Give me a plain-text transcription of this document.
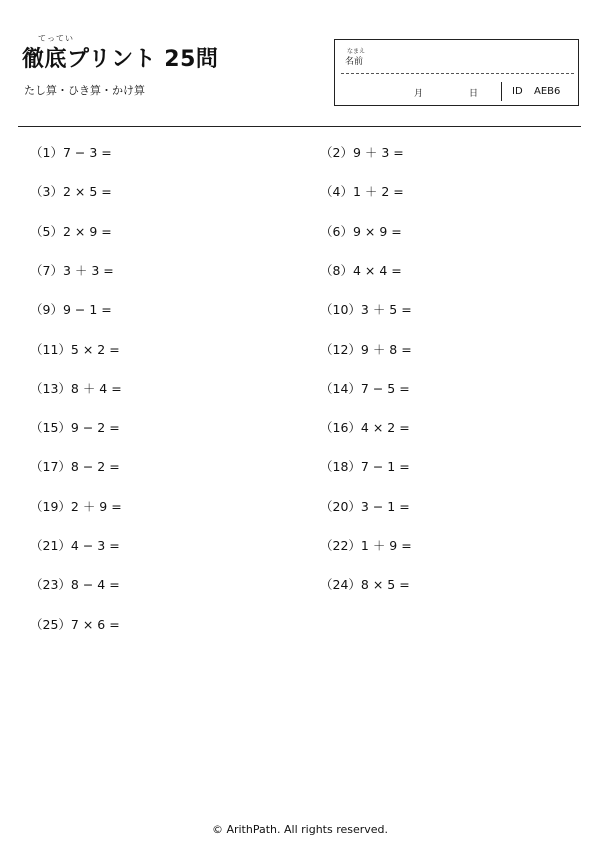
てってい
徹底プリント 25問
たし算・ひき算・かけ算
なまえ
名前
月	日	ID AEB6
（1）7 − 3 =	（2）9 ＋ 3 =
（3）2 × 5 =	（4）1 ＋ 2 =
（5）2 × 9 =	（6）9 × 9 =
（7）3 ＋ 3 =	（8）4 × 4 =
（9）9 − 1 =	（10）3 ＋ 5 =
（11）5 × 2 =	（12）9 ＋ 8 =
（13）8 ＋ 4 =	（14）7 − 5 =
（15）9 − 2 =	（16）4 × 2 =
（17）8 − 2 =	（18）7 − 1 =
（19）2 ＋ 9 =	（20）3 − 1 =
（21）4 − 3 =	（22）1 ＋ 9 =
（23）8 − 4 =	（24）8 × 5 =
（25）7 × 6 =
© ArithPath. All rights reserved.
